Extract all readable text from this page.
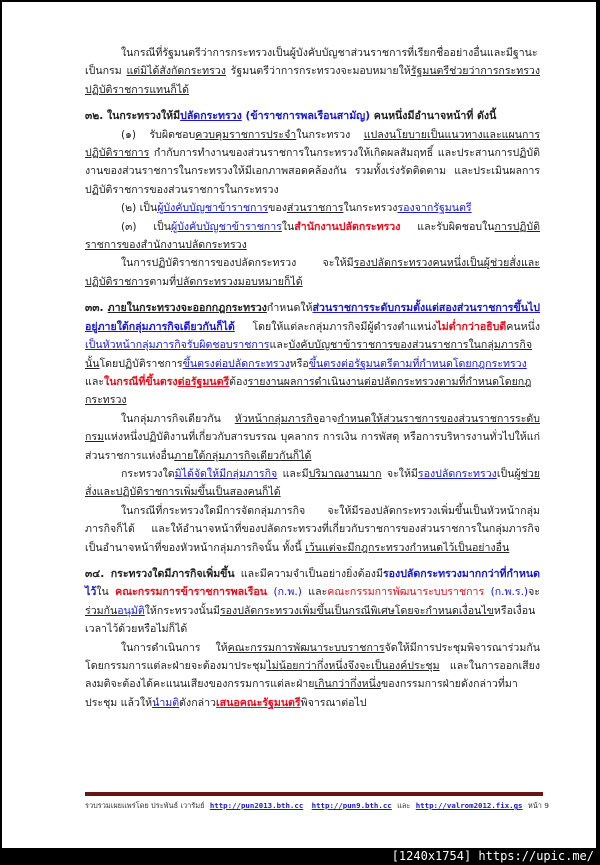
ในกรณีที่รัฐมนตรีว่าการกระทรวงเป็นผู้บังคับบัญชาส่วนราชการที่เรียกชื่ออย่างอื่นและมีฐานะเป็นกรม แต่มิได้สังกัดกระทรวง รัฐมนตรีว่าการกระทรวงจะมอบหมายให้รัฐมนตรีช่วยว่าการกระทรวงปฏิบัติราชการแทนก็ได้

๓๒. ในกระทรวงให้มีปลัดกระทรวง (ข้าราชการพลเรือนสามัญ) คนหนึ่งมีอำนาจหน้าที่ ดังนี้

(๑) รับผิดชอบควบคุมราชการประจำในกระทรวง แปลงนโยบายเป็นแนวทางและแผนการปฏิบัติราชการ กำกับการทำงานของส่วนราชการในกระทรวงให้เกิดผลสัมฤทธิ์ และประสานการปฏิบัติงานของส่วนราชการในกระทรวงให้มีเอกภาพสอดคล้องกัน รวมทั้งเร่งรัดติดตาม และประเมินผลการปฏิบัติราชการของส่วนราชการในกระทรวง

(๒) เป็นผู้บังคับบัญชาข้าราชการของส่วนราชการในกระทรวงรองจากรัฐมนตรี

(๓) เป็นผู้บังคับบัญชาข้าราชการในสำนักงานปลัดกระทรวง และรับผิดชอบในการปฏิบัติราชการของสำนักงานปลัดกระทรวง

ในการปฏิบัติราชการของปลัดกระทรวง จะให้มีรองปลัดกระทรวงคนหนึ่งเป็นผู้ช่วยสั่งและปฏิบัติราชการตามที่ปลัดกระทรวงมอบหมายก็ได้

๓๓. ภายในกระทรวงจะออกกฎกระทรวงกำหนดให้ส่วนราชการระดับกรมตั้งแต่สองส่วนราชการขึ้นไปอยู่ภายใต้กลุ่มภารกิจเดียวกันก็ได้ โดยให้แต่ละกลุ่มภารกิจมีผู้ดำรงตำแหน่งไม่ต่ำกว่าอธิบดีคนหนึ่งเป็นหัวหน้ากลุ่มภารกิจรับผิดชอบราชการและบังคับบัญชาข้าราชการของส่วนราชการในกลุ่มภารกิจนั้นโดยปฏิบัติราชการขึ้นตรงต่อปลัดกระทรวงหรือขึ้นตรงต่อรัฐมนตรีตามที่กำหนดโดยกฎกระทรวง และในกรณีที่ขึ้นตรงต่อรัฐมนตรีต้องรายงานผลการดำเนินงานต่อปลัดกระทรวงตามที่กำหนดโดยกฎกระทรวง

ในกลุ่มภารกิจเดียวกัน หัวหน้ากลุ่มภารกิจอาจกำหนดให้ส่วนราชการของส่วนราชการระดับกรมแห่งหนึ่งปฏิบัติงานที่เกี่ยวกับสารบรรณ บุคลากร การเงิน การพัสดุ หรือการบริหารงานทั่วไปให้แก่ส่วนราชการแห่งอื่นภายใต้กลุ่มภารกิจเดียวกันก็ได้

กระทรวงใดมิได้จัดให้มีกลุ่มภารกิจ และมีปริมาณงานมาก จะให้มีรองปลัดกระทรวงเป็นผู้ช่วยสั่งและปฏิบัติราชการเพิ่มขึ้นเป็นสองคนก็ได้

ในกรณีที่กระทรวงใดมีการจัดกลุ่มภารกิจ จะให้มีรองปลัดกระทรวงเพิ่มขึ้นเป็นหัวหน้ากลุ่มภารกิจก็ได้ และให้อำนาจหน้าที่ของปลัดกระทรวงที่เกี่ยวกับราชการของส่วนราชการในกลุ่มภารกิจเป็นอำนาจหน้าที่ของหัวหน้ากลุ่มภารกิจนั้น ทั้งนี้ เว้นแต่จะมีกฎกระทรวงกำหนดไว้เป็นอย่างอื่น

๓๔. กระทรวงใดมีภารกิจเพิ่มขึ้น และมีความจำเป็นอย่างยิ่งต้องมีรองปลัดกระทรวงมากกว่าที่กำหนดไว้ใน คณะกรรมการข้าราชการพลเรือน (ก.พ.) และคณะกรรมการพัฒนาระบบราชการ (ก.พ.ร.)จะร่วมกันอนุมัติให้กระทรวงนั้นมีรองปลัดกระทรวงเพิ่มขึ้นเป็นกรณีพิเศษโดยจะกำหนดเงื่อนไขหรือเงื่อนเวลาไว้ด้วยหรือไม่ก็ได้

ในการดำเนินการ ให้คณะกรรมการพัฒนาระบบราชการจัดให้มีการประชุมพิจารณาร่วมกัน โดยกรรมการแต่ละฝ่ายจะต้องมาประชุมไม่น้อยกว่ากึ่งหนึ่งจึงจะเป็นองค์ประชุม และในการออกเสียงลงมติจะต้องได้คะแนนเสียงของกรรมการแต่ละฝ่ายเกินกว่ากึ่งหนึ่งของกรรมการฝ่ายดังกล่าวที่มาประชุม แล้วให้นำมติดังกล่าวเสนอคณะรัฐมนตรีพิจารณาต่อไป

รวบรวมเผยแพร่โดย ประพันธ์ เวารัมย์ http://pun2013.bth.cc http://pun9.bth.cc และ http://valrom2012.fix.gs หน้า 9
[1240x1754] https://upic.me/
